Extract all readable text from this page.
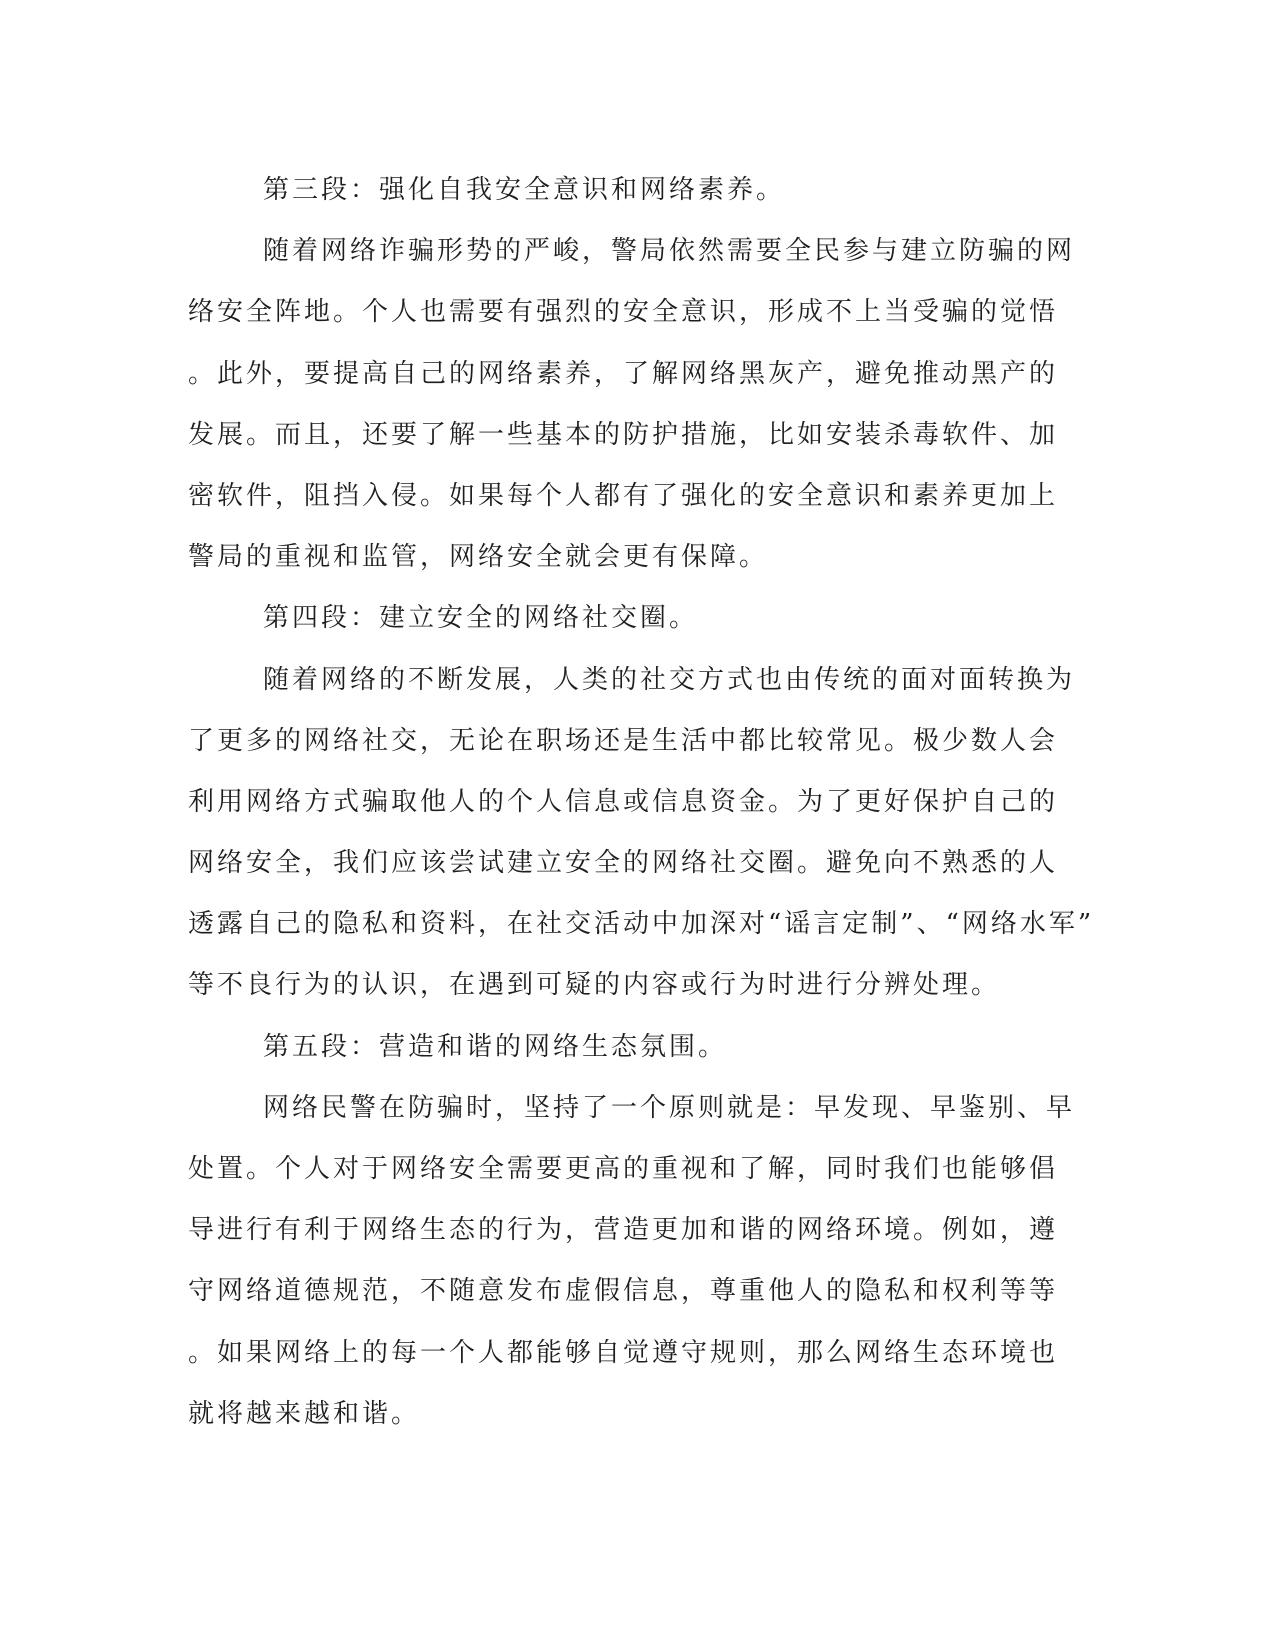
第三段：强化自我安全意识和网络素养。
随着网络诈骗形势的严峻，警局依然需要全民参与建立防骗的网
络安全阵地。个人也需要有强烈的安全意识，形成不上当受骗的觉悟
。此外，要提高自己的网络素养，了解网络黑灰产，避免推动黑产的
发展。而且，还要了解一些基本的防护措施，比如安装杀毒软件、加
密软件，阻挡入侵。如果每个人都有了强化的安全意识和素养更加上
警局的重视和监管，网络安全就会更有保障。
第四段：建立安全的网络社交圈。
随着网络的不断发展，人类的社交方式也由传统的面对面转换为
了更多的网络社交，无论在职场还是生活中都比较常见。极少数人会
利用网络方式骗取他人的个人信息或信息资金。为了更好保护自己的
网络安全，我们应该尝试建立安全的网络社交圈。避免向不熟悉的人
透露自己的隐私和资料，在社交活动中加深对“谣言定制”、“网络水军”
等不良行为的认识，在遇到可疑的内容或行为时进行分辨处理。
第五段：营造和谐的网络生态氛围。
网络民警在防骗时，坚持了一个原则就是：早发现、早鉴别、早
处置。个人对于网络安全需要更高的重视和了解，同时我们也能够倡
导进行有利于网络生态的行为，营造更加和谐的网络环境。例如，遵
守网络道德规范，不随意发布虚假信息，尊重他人的隐私和权利等等
。如果网络上的每一个人都能够自觉遵守规则，那么网络生态环境也
就将越来越和谐。
